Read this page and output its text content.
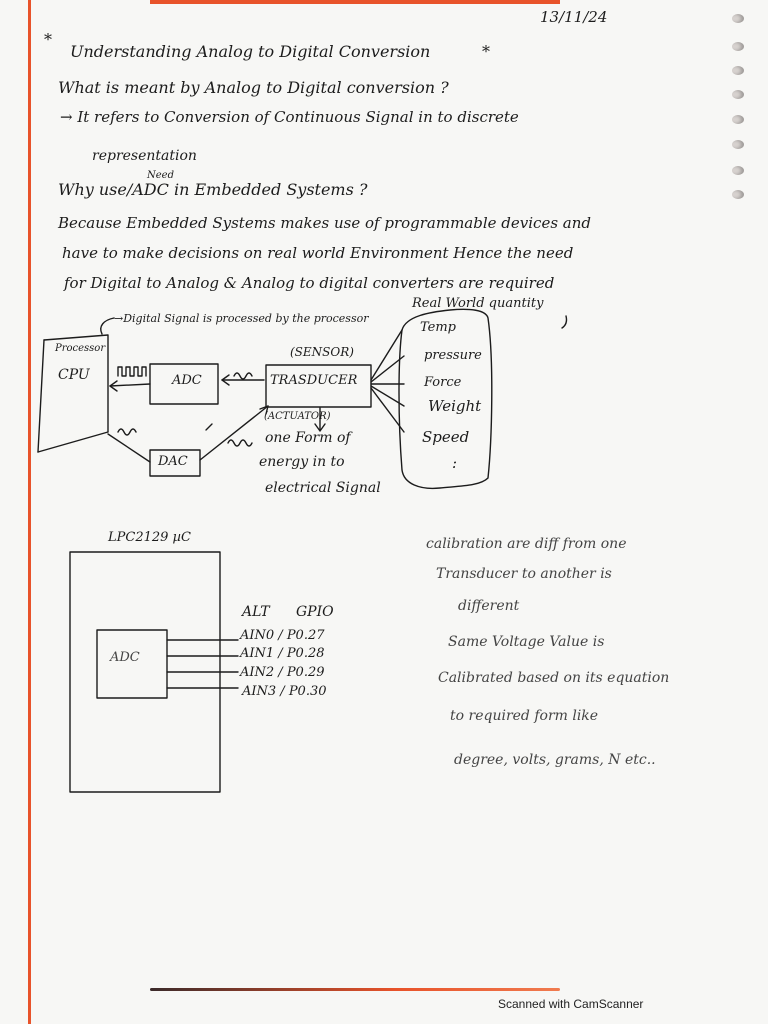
13/11/24
*
Understanding Analog to Digital Conversion	*
What is meant by Analog to Digital conversion ?
→ It refers to Conversion of Continuous Signal in to discrete
representation
Need
Why use/ADC in Embedded Systems ?
Because Embedded Systems makes use of programmable devices and
have to make decisions on real world Environment Hence the need
for Digital to Analog & Analog to digital converters are required
→Digital Signal is processed by the processor
Real World quantity
Processor
CPU	ADC
DAC
(SENSOR)
TRASDUCER
(ACTUATOR)
one Form of
energy in to
electrical Signal
Temp
pressure
Force
Weight
Speed
:
LPC2129 µC
ADC
ALT GPIO
AIN0 / P0.27
AIN1 / P0.28
AIN2 / P0.29
AIN3 / P0.30
calibration are diff from one
Transducer to another is
different
Same Voltage Value is
Calibrated based on its equation
to required form like
degree, volts, grams, N etc..
Scanned with CamScanner
